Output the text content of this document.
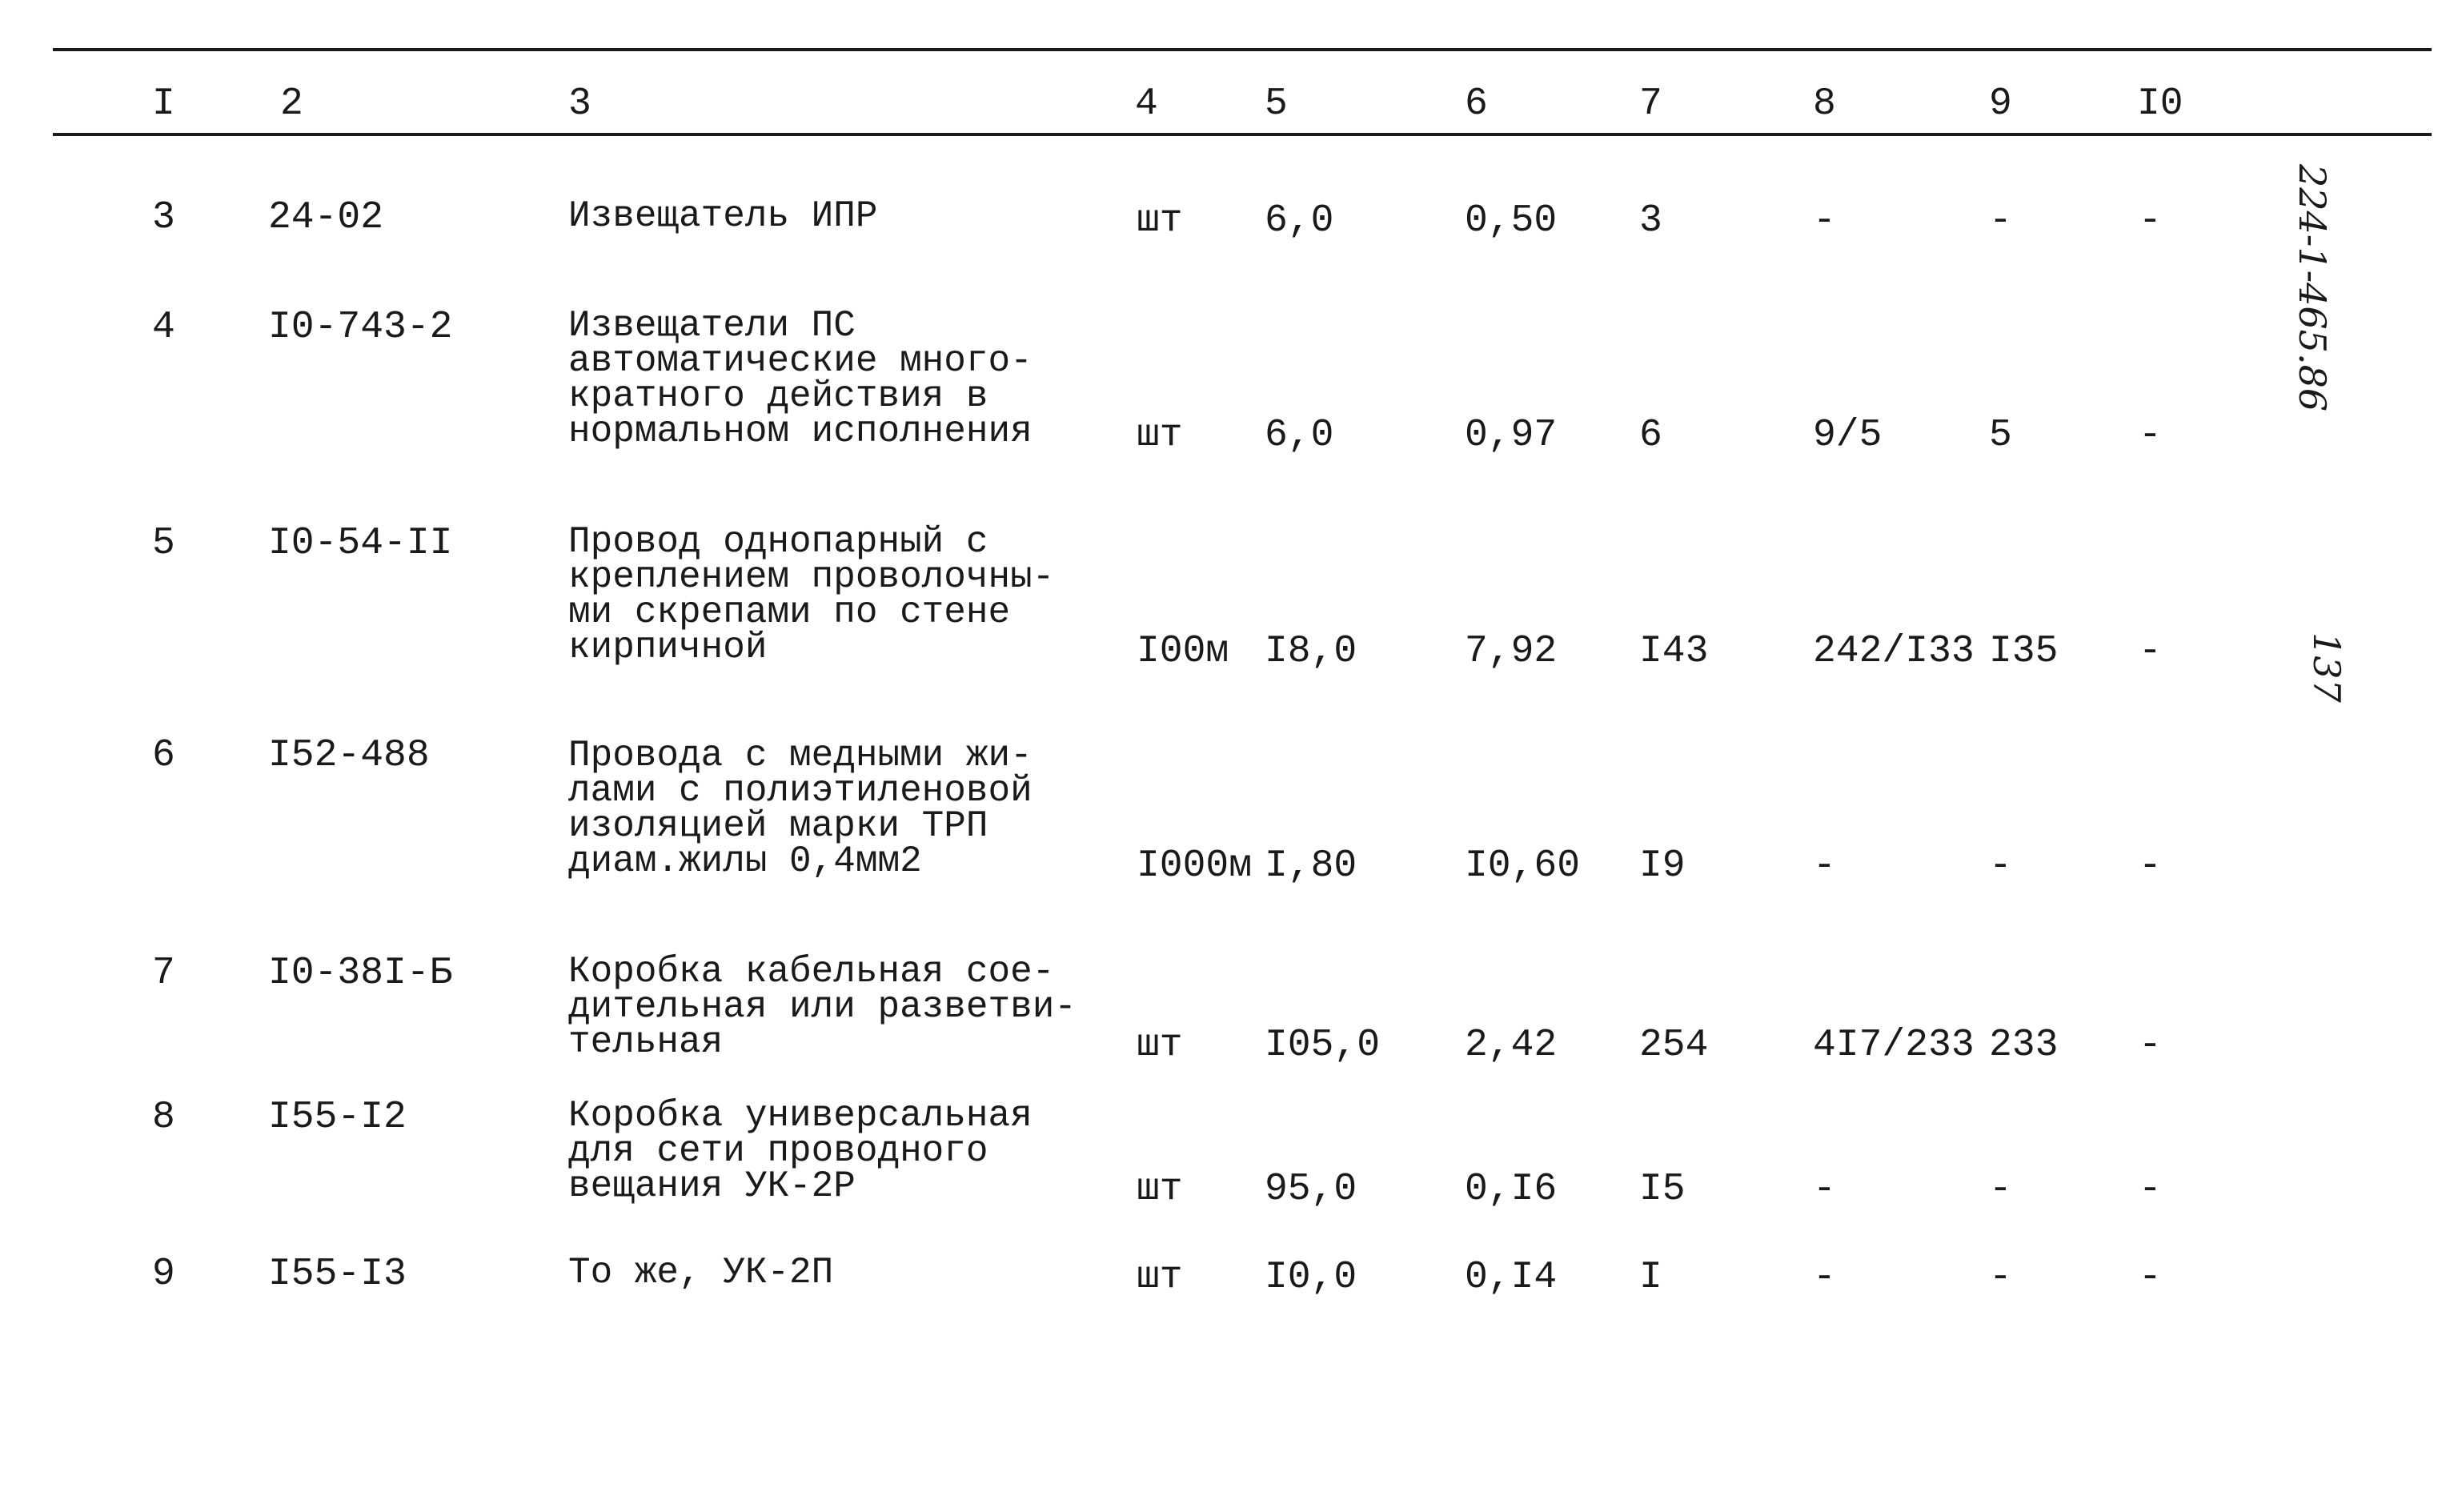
I	2	3	4	5	6	7	8	9	I0
3 24-02	Извещатель ИПР	шт 6,0	0,50 3	-	-	-
4 I0-743-2	Извещатели ПС
автоматические много-
кратного действия в
нормальном исполнения	шт 6,0	0,97 6	9/5	5	-
5 I0-54-II	Провод однопарный с
креплением проволочны-
ми скрепами по стене
кирпичной	I00м I8,0	7,92 I43	242/I33 I35 -
6 I52-488	Провода с медными жи-
лами с полиэтиленовой
изоляцией марки ТРП
диам.жилы 0,4мм2	I000м I,80	I0,60 I9	-	-	-
7 I0-38I-Б	Коробка кабельная сое-
дительная или разветви-
тельная	шт I05,0 2,42 254	4I7/233 233 -
8 I55-I2	Коробка универсальная
для сети проводного
вещания УК-2Р	шт 95,0	0,I6 I5	-	-	-
9 I55-I3	То же, УК-2П	шт I0,0	0,I4 I	-	-	-
224-1-465.86
137
